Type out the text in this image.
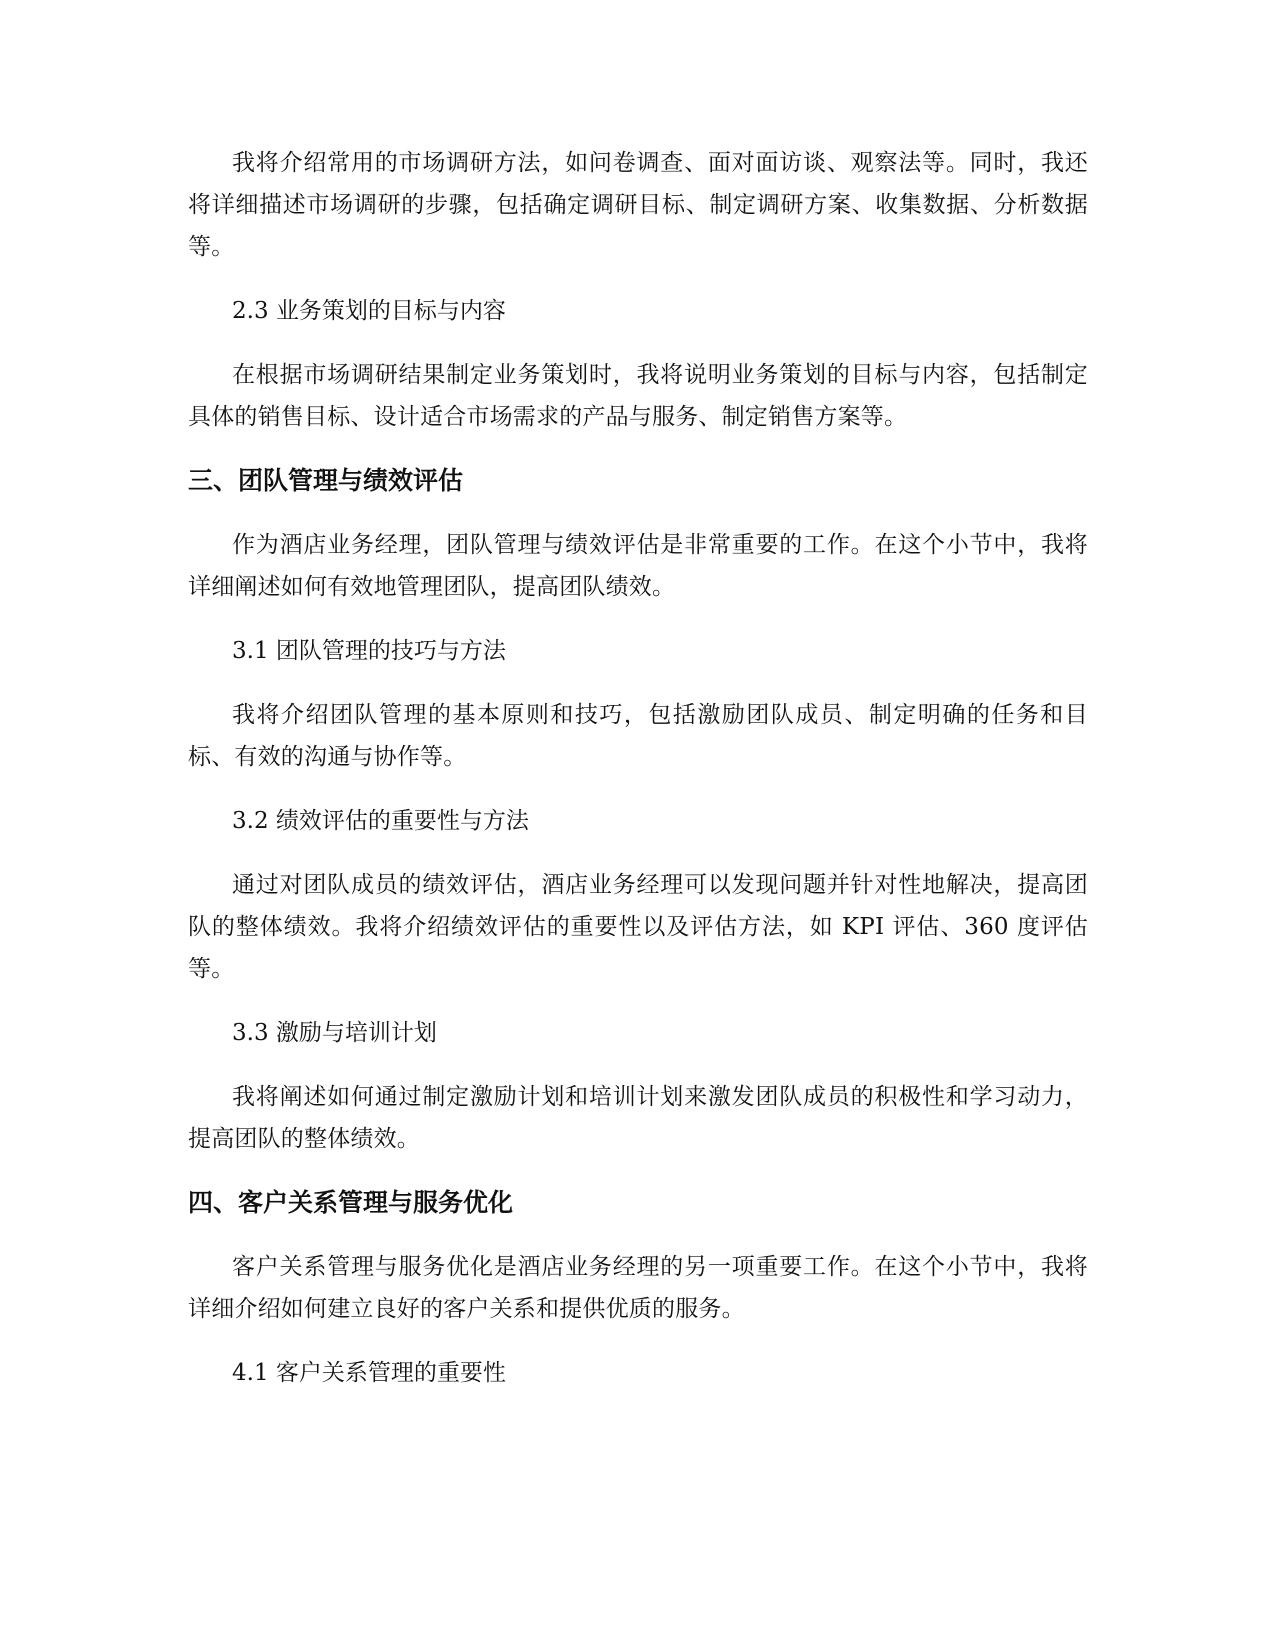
我将介绍常用的市场调研方法，如问卷调查、面对面访谈、观察法等。同时，我还将详细描述市场调研的步骤，包括确定调研目标、制定调研方案、收集数据、分析数据等。

2.3 业务策划的目标与内容

在根据市场调研结果制定业务策划时，我将说明业务策划的目标与内容，包括制定具体的销售目标、设计适合市场需求的产品与服务、制定销售方案等。

三、团队管理与绩效评估

作为酒店业务经理，团队管理与绩效评估是非常重要的工作。在这个小节中，我将详细阐述如何有效地管理团队，提高团队绩效。

3.1 团队管理的技巧与方法

我将介绍团队管理的基本原则和技巧，包括激励团队成员、制定明确的任务和目标、有效的沟通与协作等。

3.2 绩效评估的重要性与方法

通过对团队成员的绩效评估，酒店业务经理可以发现问题并针对性地解决，提高团队的整体绩效。我将介绍绩效评估的重要性以及评估方法，如 KPI 评估、360 度评估等。

3.3 激励与培训计划

我将阐述如何通过制定激励计划和培训计划来激发团队成员的积极性和学习动力，提高团队的整体绩效。

四、客户关系管理与服务优化

客户关系管理与服务优化是酒店业务经理的另一项重要工作。在这个小节中，我将详细介绍如何建立良好的客户关系和提供优质的服务。

4.1 客户关系管理的重要性
